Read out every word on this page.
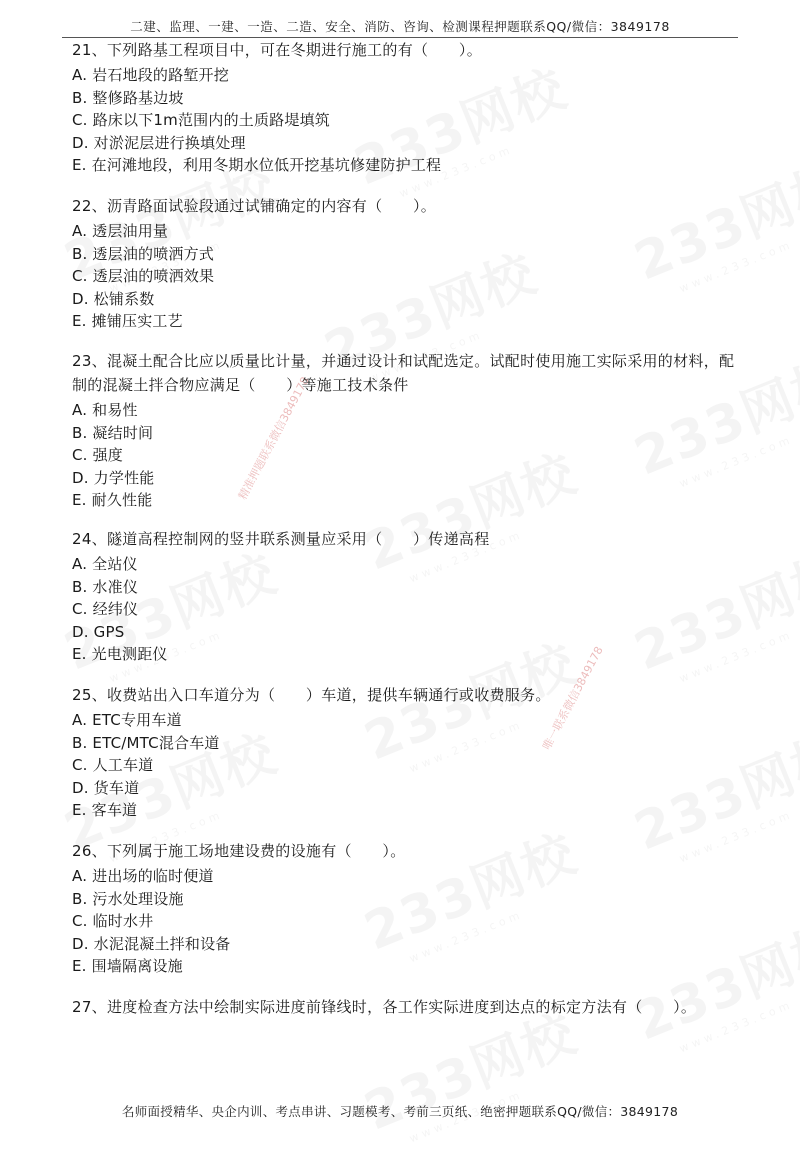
精准押题联系微信3849178
唯一联系微信3849178
二建、监理、一建、一造、二造、安全、消防、咨询、检测课程押题联系QQ/微信：3849178
21、下列路基工程项目中，可在冬期进行施工的有（　　）。
A. 岩石地段的路堑开挖
B. 整修路基边坡
C. 路床以下1m范围内的土质路堤填筑
D. 对淤泥层进行换填处理
E. 在河滩地段，利用冬期水位低开挖基坑修建防护工程
22、沥青路面试验段通过试铺确定的内容有（　　）。
A. 透层油用量
B. 透层油的喷洒方式
C. 透层油的喷洒效果
D. 松铺系数
E. 摊铺压实工艺
23、混凝土配合比应以质量比计量，并通过设计和试配选定。试配时使用施工实际采用的材料，配制的混凝土拌合物应满足（　　）等施工技术条件
A. 和易性
B. 凝结时间
C. 强度
D. 力学性能
E. 耐久性能
24、隧道高程控制网的竖井联系测量应采用（　　）传递高程
A. 全站仪
B. 水准仪
C. 经纬仪
D. GPS
E. 光电测距仪
25、收费站出入口车道分为（　　）车道，提供车辆通行或收费服务。
A. ETC专用车道
B. ETC/MTC混合车道
C. 人工车道
D. 货车道
E. 客车道
26、下列属于施工场地建设费的设施有（　　）。
A. 进出场的临时便道
B. 污水处理设施
C. 临时水井
D. 水泥混凝土拌和设备
E. 围墙隔离设施
27、进度检查方法中绘制实际进度前锋线时，各工作实际进度到达点的标定方法有（　　）。
名师面授精华、央企内训、考点串讲、习题模考、考前三页纸、绝密押题联系QQ/微信：3849178
